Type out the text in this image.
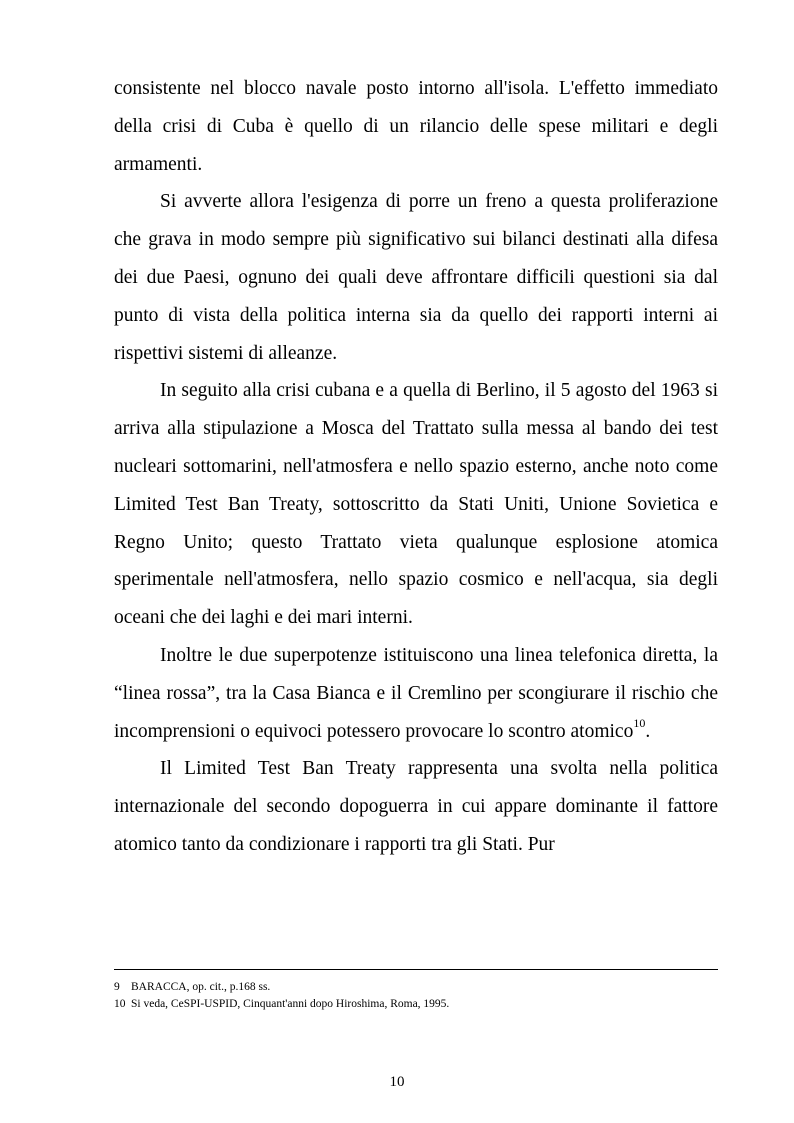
consistente nel blocco navale posto intorno all'isola. L'effetto immediato della crisi di Cuba è quello di un rilancio delle spese militari e degli armamenti.

Si avverte allora l'esigenza di porre un freno a questa proliferazione che grava in modo sempre più significativo sui bilanci destinati alla difesa dei due Paesi, ognuno dei quali deve affrontare difficili questioni sia dal punto di vista della politica interna sia da quello dei rapporti interni ai rispettivi sistemi di alleanze.

In seguito alla crisi cubana e a quella di Berlino, il 5 agosto del 1963 si arriva alla stipulazione a Mosca del Trattato sulla messa al bando dei test nucleari sottomarini, nell'atmosfera e nello spazio esterno, anche noto come Limited Test Ban Treaty, sottoscritto da Stati Uniti, Unione Sovietica e Regno Unito; questo Trattato vieta qualunque esplosione atomica sperimentale nell'atmosfera, nello spazio cosmico e nell'acqua, sia degli oceani che dei laghi e dei mari interni.

Inoltre le due superpotenze istituiscono una linea telefonica diretta, la “linea rossa”, tra la Casa Bianca e il Cremlino per scongiurare il rischio che incomprensioni o equivoci potessero provocare lo scontro atomico$^{10}$.

Il Limited Test Ban Treaty rappresenta una svolta nella politica internazionale del secondo dopoguerra in cui appare dominante il fattore atomico tanto da condizionare i rapporti tra gli Stati. Pur

9 BARACCA, op. cit., p.168 ss.
10 Si veda, CeSPI-USPID, Cinquant'anni dopo Hiroshima, Roma, 1995.
10
